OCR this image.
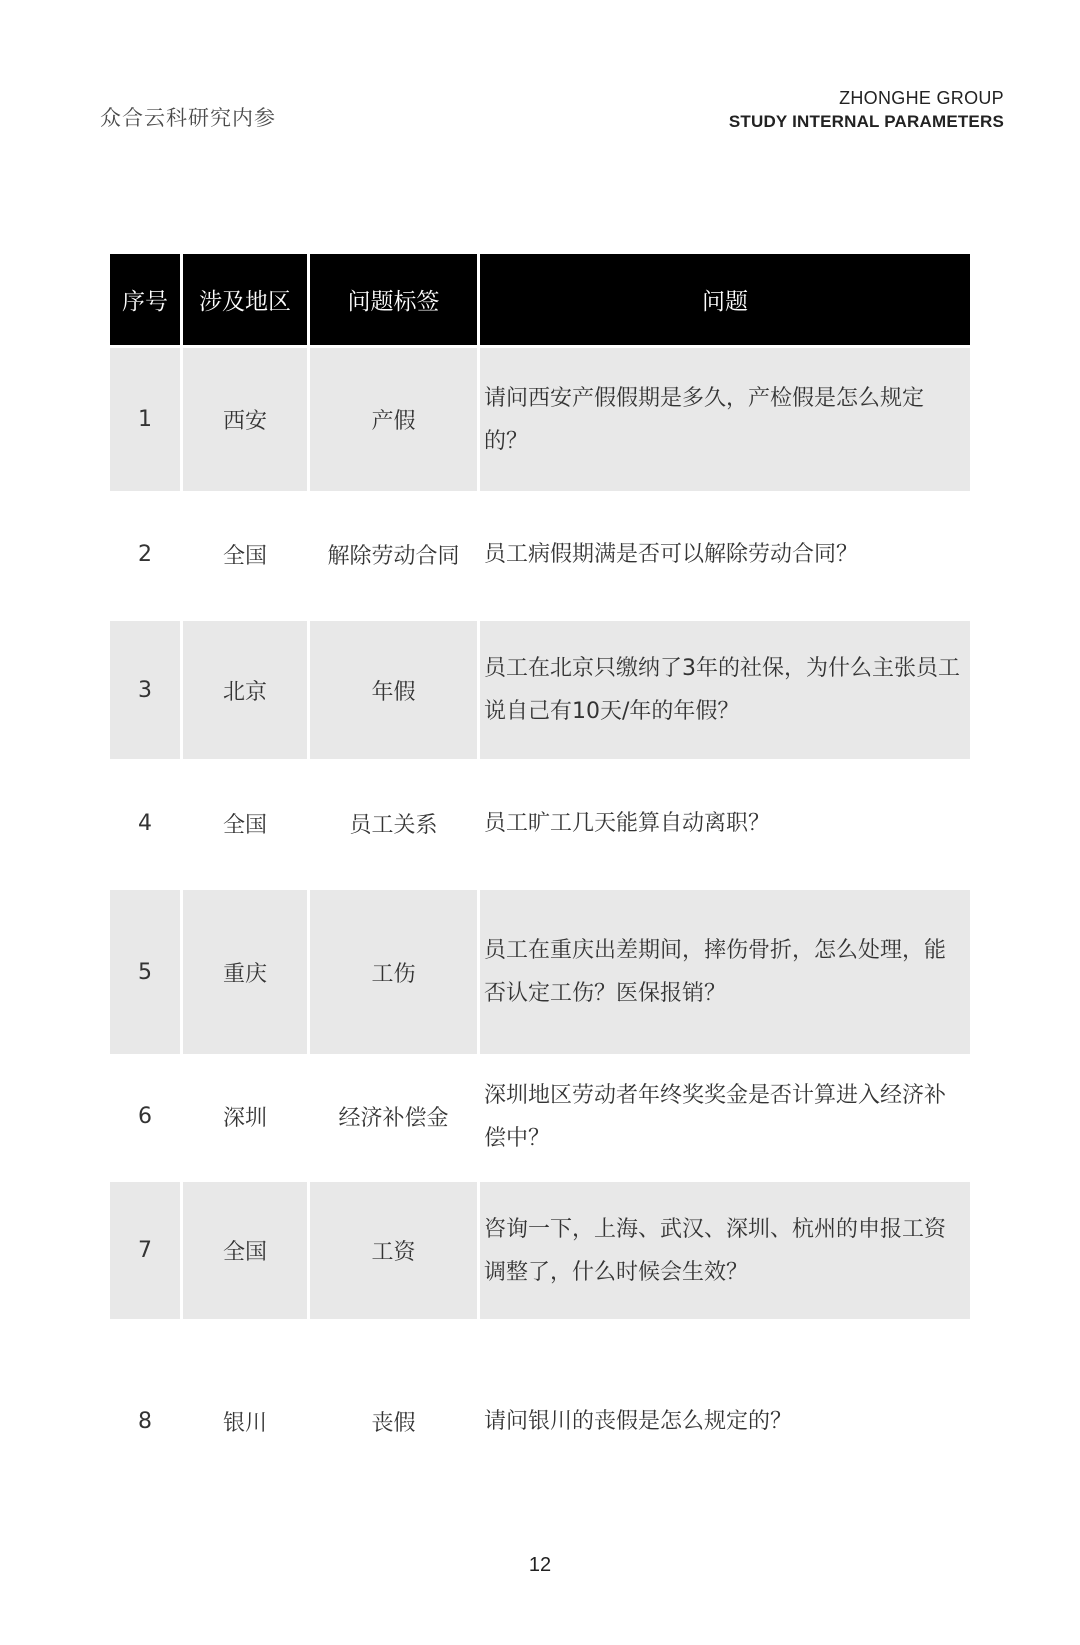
众合云科研究内参
ZHONGHE GROUP
STUDY INTERNAL PARAMETERS
序号	涉及地区	问题标签	问题
1	西安	产假	请问西安产假假期是多久，产检假是怎么规定的？
2	全国	解除劳动合同	员工病假期满是否可以解除劳动合同？
3	北京	年假	员工在北京只缴纳了3年的社保，为什么主张员工说自己有10天/年的年假？
4	全国	员工关系	员工旷工几天能算自动离职？
5	重庆	工伤	员工在重庆出差期间，摔伤骨折，怎么处理，能否认定工伤？医保报销？
6	深圳	经济补偿金	深圳地区劳动者年终奖奖金是否计算进入经济补偿中？
7	全国	工资	咨询一下，上海、武汉、深圳、杭州的申报工资调整了，什么时候会生效？
8	银川	丧假	请问银川的丧假是怎么规定的？
12
